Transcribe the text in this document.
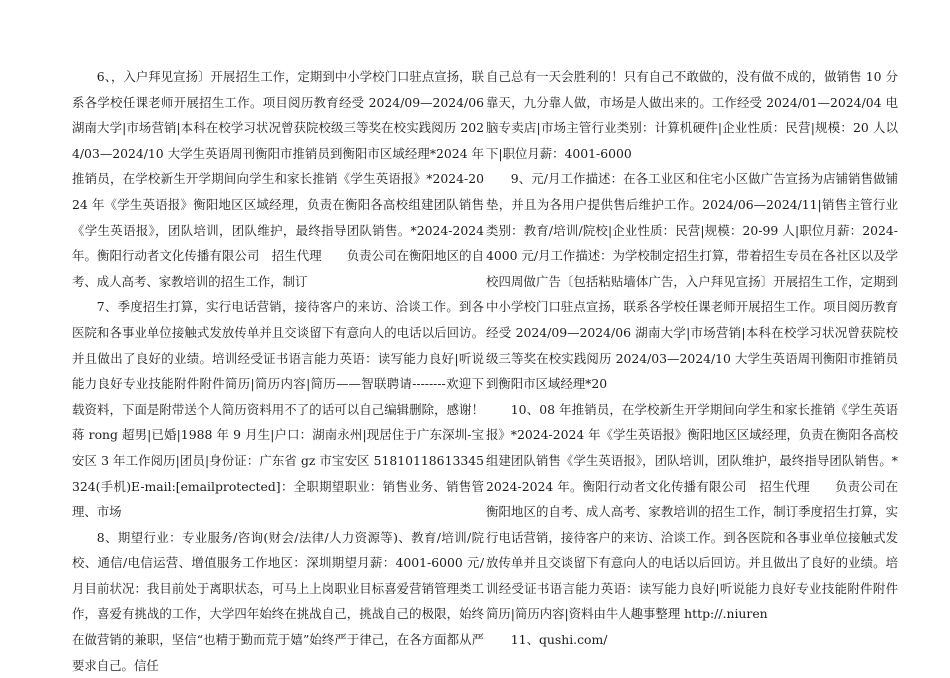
6、，入户拜见宣扬〕开展招生工作，定期到中小学校门口驻点宣扬，联系各学校任课老师开展招生工作。项目阅历教育经受 2024/09—2024/06 湖南大学|市场营销|本科在校学习状况曾获院校级三等奖在校实践阅历 2024/03—2024/10 大学生英语周刊衡阳市推销员到衡阳市区域经理*2024 年推销员，在学校新生开学期间向学生和家长推销《学生英语报》*2024-2024 年《学生英语报》衡阳地区区域经理，负责在衡阳各高校组建团队销售《学生英语报》，团队培训，团队维护，最终指导团队销售。*2024-2024 年。衡阳行动者文化传播有限公司　招生代理　　负责公司在衡阳地区的自考、成人高考、家教培训的招生工作，制订

7、季度招生打算，实行电话营销，接待客户的来访、洽谈工作。到各医院和各事业单位接触式发放传单并且交谈留下有意向人的电话以后回访。并且做出了良好的业绩。培训经受证书语言能力英语：读写能力良好|听说能力良好专业技能附件附件简历|简历内容|简历——智联聘请--------欢迎下载资料，下面是附带送个人简历资料用不了的话可以自己编辑删除，感谢！蒋 rong 超男|已婚|1988 年 9 月生|户口：湖南永州|现居住于广东深圳-宝安区 3 年工作阅历|团员|身份证：广东省 gz 市宝安区 51810118613345324(手机)E-mail:[emailprotected]：全职期望职业：销售业务、销售管理、市场

8、期望行业：专业服务/咨询(财会/法律/人力资源等)、教育/培训/院校、通信/电信运营、增值服务工作地区：深圳期望月薪：4001-6000 元/月目前状况：我目前处于离职状态，可马上上岗职业目标喜爱营销管理类工作，喜爱有挑战的工作，大学四年始终在挑战自己，挑战自己的极限，始终在做营销的兼职，坚信“也精于勤而荒于嬉”始终严于律己，在各方面都从严要求自己。信任

自己总有一天会胜利的！只有自己不敢做的，没有做不成的，做销售 10 分靠天，九分靠人做，市场是人做出来的。工作经受 2024/01—2024/04 电脑专卖店|市场主管行业类别：计算机硬件|企业性质：民营|规模：20 人以下|职位月薪：4001-6000

9、元/月工作描述：在各工业区和住宅小区做广告宣扬为店铺销售做铺垫，并且为各用户提供售后维护工作。2024/06—2024/11|销售主管行业类别：教育/培训/院校|企业性质：民营|规模：20-99 人|职位月薪：2024-4000 元/月工作描述：为学校制定招生打算，带着招生专员在各社区以及学校四周做广告〔包括粘贴墙体广告，入户拜见宣扬〕开展招生工作，定期到中小学校门口驻点宣扬，联系各学校任课老师开展招生工作。项目阅历教育经受 2024/09—2024/06 湖南大学|市场营销|本科在校学习状况曾获院校级三等奖在校实践阅历 2024/03—2024/10 大学生英语周刊衡阳市推销员到衡阳市区域经理*20

10、08 年推销员，在学校新生开学期间向学生和家长推销《学生英语报》*2024-2024 年《学生英语报》衡阳地区区域经理，负责在衡阳各高校组建团队销售《学生英语报》，团队培训，团队维护，最终指导团队销售。*2024-2024 年。衡阳行动者文化传播有限公司　招生代理　　负责公司在衡阳地区的自考、成人高考、家教培训的招生工作，制订季度招生打算，实行电话营销，接待客户的来访、洽谈工作。到各医院和各事业单位接触式发放传单并且交谈留下有意向人的电话以后回访。并且做出了良好的业绩。培训经受证书语言能力英语：读写能力良好|听说能力良好专业技能附件附件简历|简历内容|资料由牛人趣事整理 http://.niuren

11、qushi.com/
